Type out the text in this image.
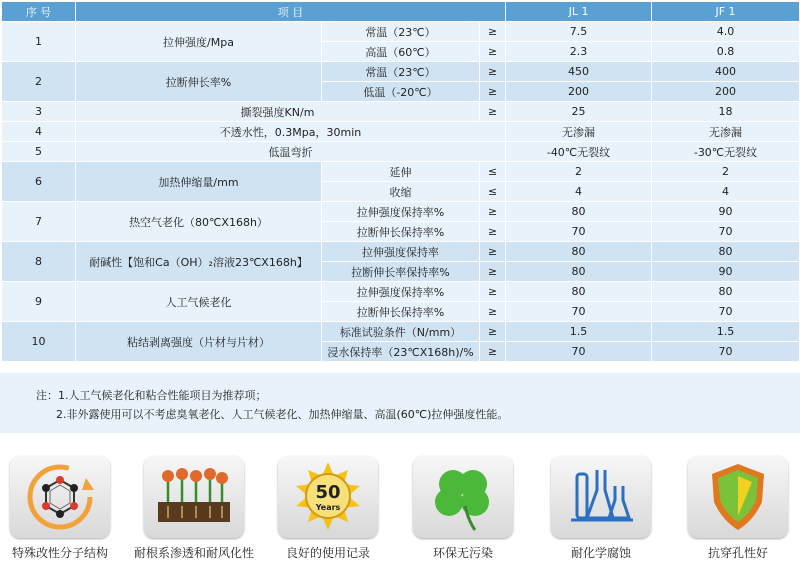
序 号	项 目			JL 1	JF 1
1	拉伸强度/Mpa	常温（23℃）	≥	7.5	4.0
		高温（60℃）	≥	2.3	0.8
2	拉断伸长率%	常温（23℃）	≥	450	400
		低温（-20℃）	≥	200	200
3	撕裂强度KN/m		≥	25	18
4	不透水性，0.3Mpa，30min			无渗漏	无渗漏
5	低温弯折			-40℃无裂纹	-30℃无裂纹
6	加热伸缩量/mm	延伸	≤	2	2
		收缩	≤	4	4
7	热空气老化（80℃X168h）	拉伸强度保持率%	≥	80	90
		拉断伸长保持率%	≥	70	70
8	耐碱性【饱和Ca（OH）₂溶液23℃X168h】	拉伸强度保持率	≥	80	80
		拉断伸长率保持率%	≥	80	90
9	人工气候老化	拉伸强度保持率%	≥	80	80
		拉断伸长保持率%	≥	70	70
10	粘结剥离强度（片材与片材）	标准试验条件（N/mm）	≥	1.5	1.5
		浸水保持率（23℃X168h)/%	≥	70	70
注：1.人工气候老化和粘合性能项目为推荐项；
2.非外露使用可以不考虑臭氧老化、人工气候老化、加热伸缩量、高温(60℃)拉伸强度性能。
特殊改性分子结构	耐根系渗透和耐风化性
50
Years
良好的使用记录	环保无污染	耐化学腐蚀	抗穿孔性好
